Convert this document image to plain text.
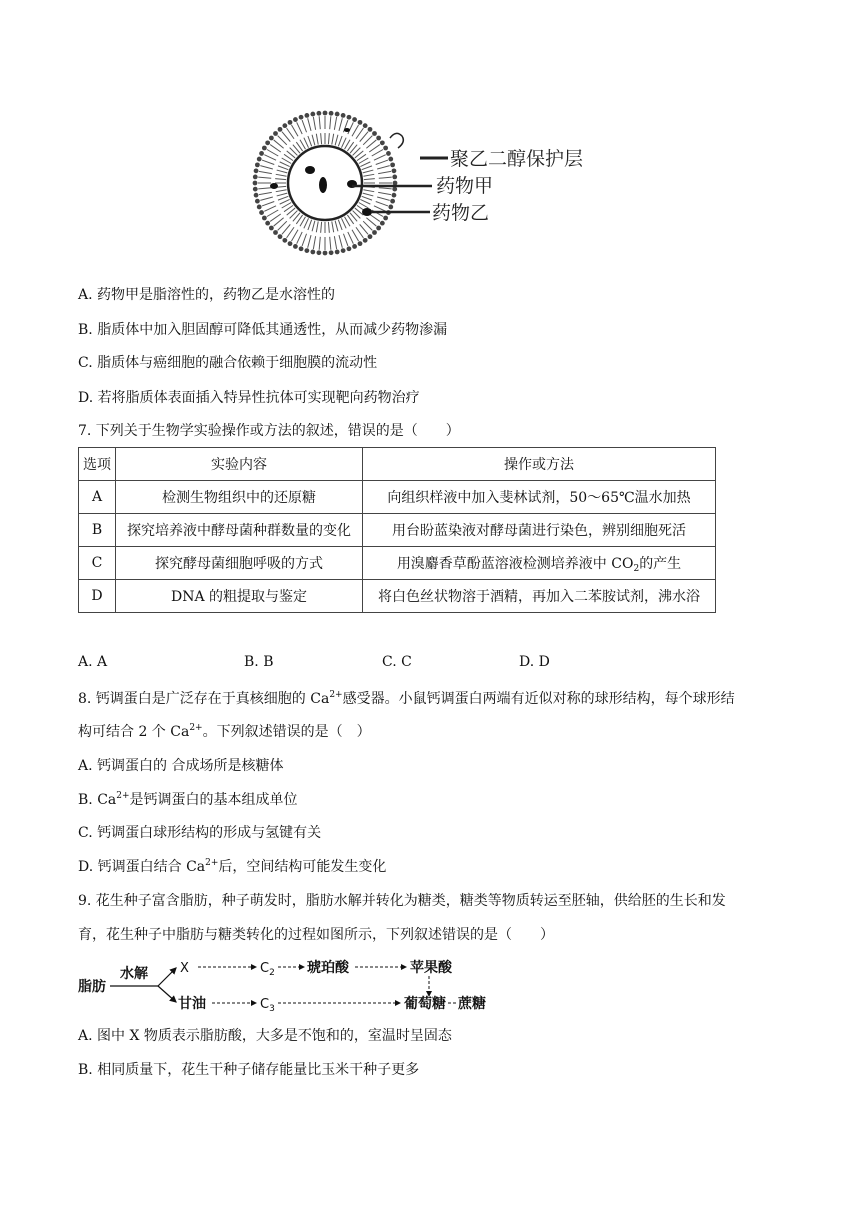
聚乙二醇保护层
药物甲
药物乙
A. 药物甲是脂溶性的，药物乙是水溶性的
B. 脂质体中加入胆固醇可降低其通透性，从而减少药物渗漏
C. 脂质体与癌细胞的融合依赖于细胞膜的流动性
D. 若将脂质体表面插入特异性抗体可实现靶向药物治疗
7. 下列关于生物学实验操作或方法的叙述，错误的是（　　）
选项	实验内容	操作或方法
A	检测生物组织中的还原糖	向组织样液中加入斐林试剂，50～65℃温水加热
B	探究培养液中酵母菌种群数量的变化	用台盼蓝染液对酵母菌进行染色，辨别细胞死活
C	探究酵母菌细胞呼吸的方式	用溴麝香草酚蓝溶液检测培养液中 $CO_2$的产生
D	DNA 的粗提取与鉴定	将白色丝状物溶于酒精，再加入二苯胺试剂，沸水浴
A. A	B. B	C. C	D. D
8. 钙调蛋白是广泛存在于真核细胞的 $Ca^{2+}$感受器。小鼠钙调蛋白两端有近似对称的球形结构，每个球形结
构可结合 2 个 $Ca^{2+}$。下列叙述错误的是（　）
A. 钙调蛋白的 合成场所是核糖体
B. $Ca^{2+}$是钙调蛋白的基本组成单位
C. 钙调蛋白球形结构的形成与氢键有关
D. 钙调蛋白结合 $Ca^{2+}$后，空间结构可能发生变化
9. 花生种子富含脂肪，种子萌发时，脂肪水解并转化为糖类，糖类等物质转运至胚轴，供给胚的生长和发
育，花生种子中脂肪与糖类转化的过程如图所示，下列叙述错误的是（　　）
脂肪
水解 X	$C_2$ 琥珀酸	苹果酸
甘油	$C_3$	葡萄糖 蔗糖
A. 图中 X 物质表示脂肪酸，大多是不饱和的，室温时呈固态
B. 相同质量下，花生干种子储存能量比玉米干种子更多
